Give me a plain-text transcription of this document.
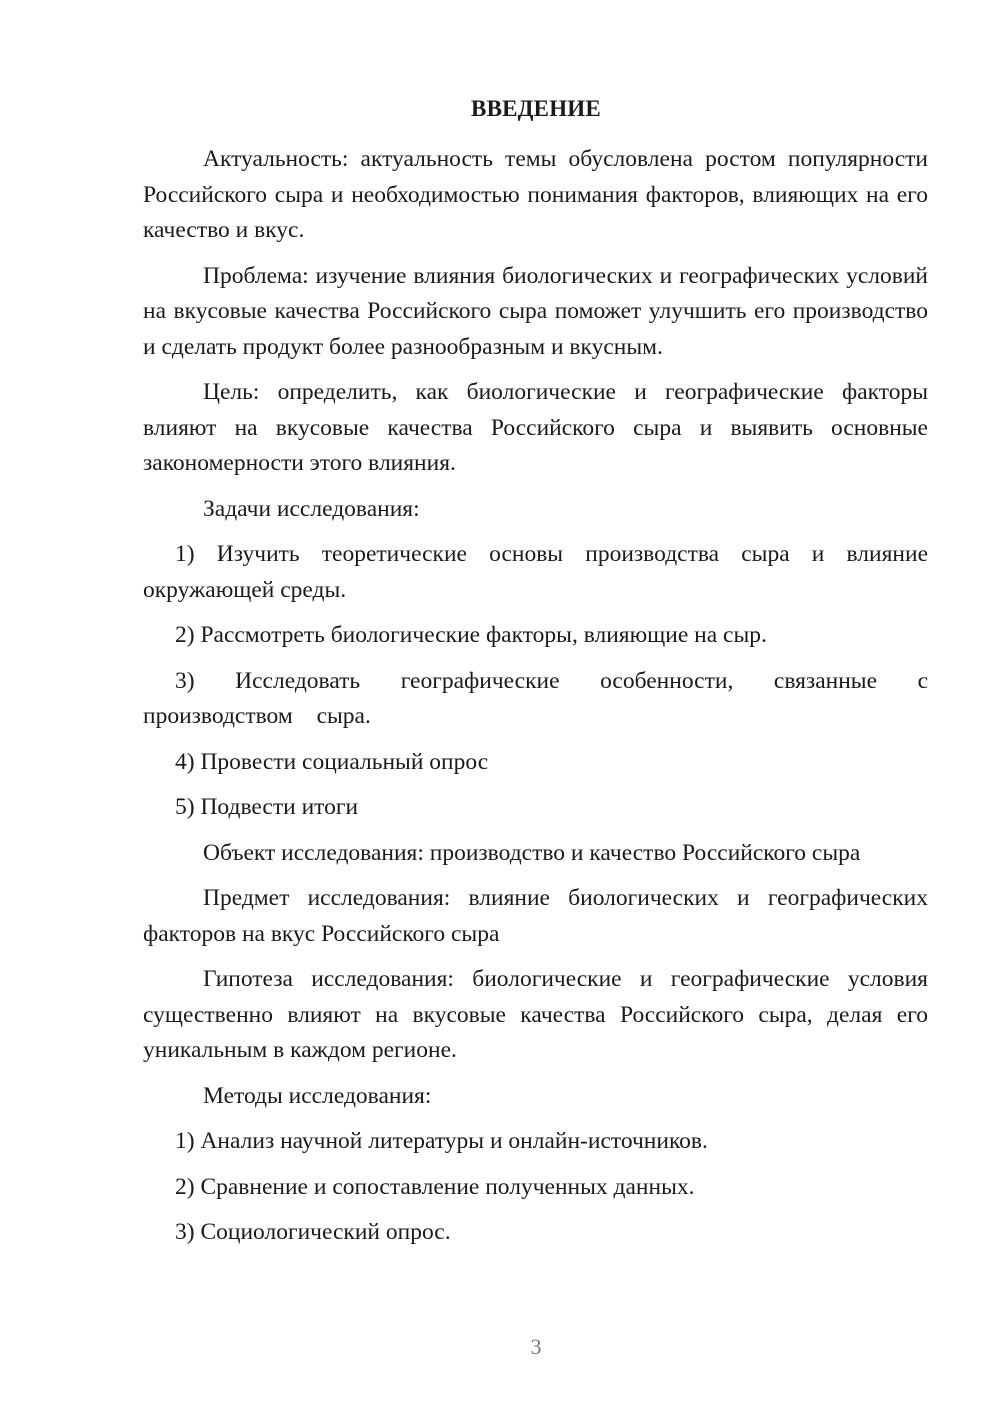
ВВЕДЕНИЕ

Актуальность: актуальность темы обусловлена ростом популярности Российского сыра и необходимостью понимания факторов, влияющих на его качество и вкус.

Проблема: изучение влияния биологических и географических условий на вкусовые качества Российского сыра поможет улучшить его производство и сделать продукт более разнообразным и вкусным.

Цель: определить, как биологические и географические факторы влияют на вкусовые качества Российского сыра и выявить основные закономерности этого влияния.

Задачи исследования:

1) Изучить теоретические основы производства сыра и влияние окружающей среды.

2) Рассмотреть биологические факторы, влияющие на сыр.

3) Исследовать географические особенности, связанные с производством сыра.

4) Провести социальный опрос

5) Подвести итоги

Объект исследования: производство и качество Российского сыра

Предмет исследования: влияние биологических и географических факторов на вкус Российского сыра

Гипотеза исследования: биологические и географические условия существенно влияют на вкусовые качества Российского сыра, делая его уникальным в каждом регионе.

Методы исследования:

1) Анализ научной литературы и онлайн-источников.

2) Сравнение и сопоставление полученных данных.

3) Социологический опрос.

3
